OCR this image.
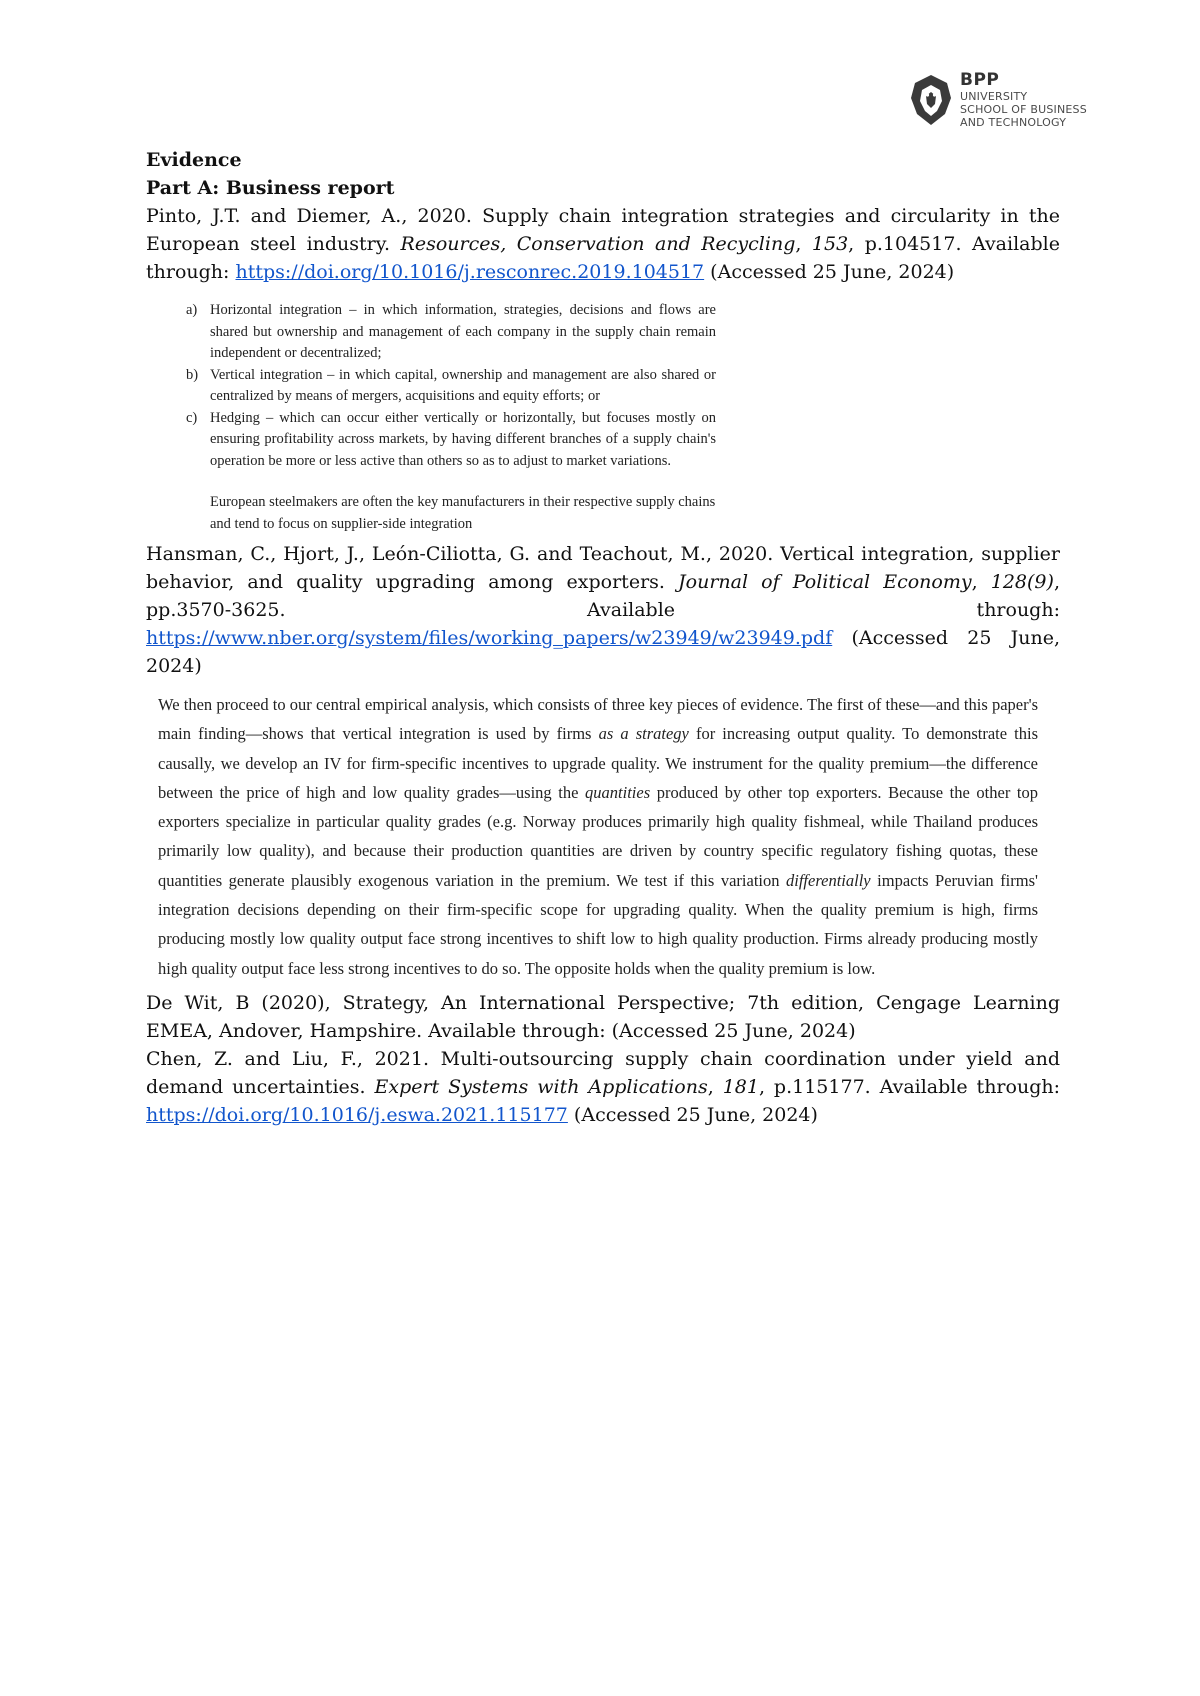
BPP
UNIVERSITY
SCHOOL OF BUSINESS
AND TECHNOLOGY

Evidence

Part A: Business report

Pinto, J.T. and Diemer, A., 2020. Supply chain integration strategies and circularity in the European steel industry. Resources, Conservation and Recycling, 153, p.104517. Available through: https://doi.org/10.1016/j.resconrec.2019.104517 (Accessed 25 June, 2024)

a) Horizontal integration – in which information, strategies, decisions and flows are shared but ownership and management of each company in the supply chain remain independent or decentralized;
b) Vertical integration – in which capital, ownership and management are also shared or centralized by means of mergers, acquisitions and equity efforts; or
c) Hedging – which can occur either vertically or horizontally, but focuses mostly on ensuring profitability across markets, by having different branches of a supply chain's operation be more or less active than others so as to adjust to market variations.
European steelmakers are often the key manufacturers in their respective supply chains and tend to focus on supplier-side integration

Hansman, C., Hjort, J., León-Ciliotta, G. and Teachout, M., 2020. Vertical integration, supplier behavior, and quality upgrading among exporters. Journal of Political Economy, 128(9), pp.3570-3625. Available through: https://www.nber.org/system/files/working_papers/w23949/w23949.pdf (Accessed 25 June, 2024)

We then proceed to our central empirical analysis, which consists of three key pieces of evidence. The first of these—and this paper's main finding—shows that vertical integration is used by firms as a strategy for increasing output quality. To demonstrate this causally, we develop an IV for firm-specific incentives to upgrade quality. We instrument for the quality premium—the difference between the price of high and low quality grades—using the quantities produced by other top exporters. Because the other top exporters specialize in particular quality grades (e.g. Norway produces primarily high quality fishmeal, while Thailand produces primarily low quality), and because their production quantities are driven by country specific regulatory fishing quotas, these quantities generate plausibly exogenous variation in the premium. We test if this variation differentially impacts Peruvian firms' integration decisions depending on their firm-specific scope for upgrading quality. When the quality premium is high, firms producing mostly low quality output face strong incentives to shift low to high quality production. Firms already producing mostly high quality output face less strong incentives to do so. The opposite holds when the quality premium is low.

De Wit, B (2020), Strategy, An International Perspective; 7th edition, Cengage Learning EMEA, Andover, Hampshire. Available through: (Accessed 25 June, 2024)

Chen, Z. and Liu, F., 2021. Multi-outsourcing supply chain coordination under yield and demand uncertainties. Expert Systems with Applications, 181, p.115177. Available through: https://doi.org/10.1016/j.eswa.2021.115177 (Accessed 25 June, 2024)
